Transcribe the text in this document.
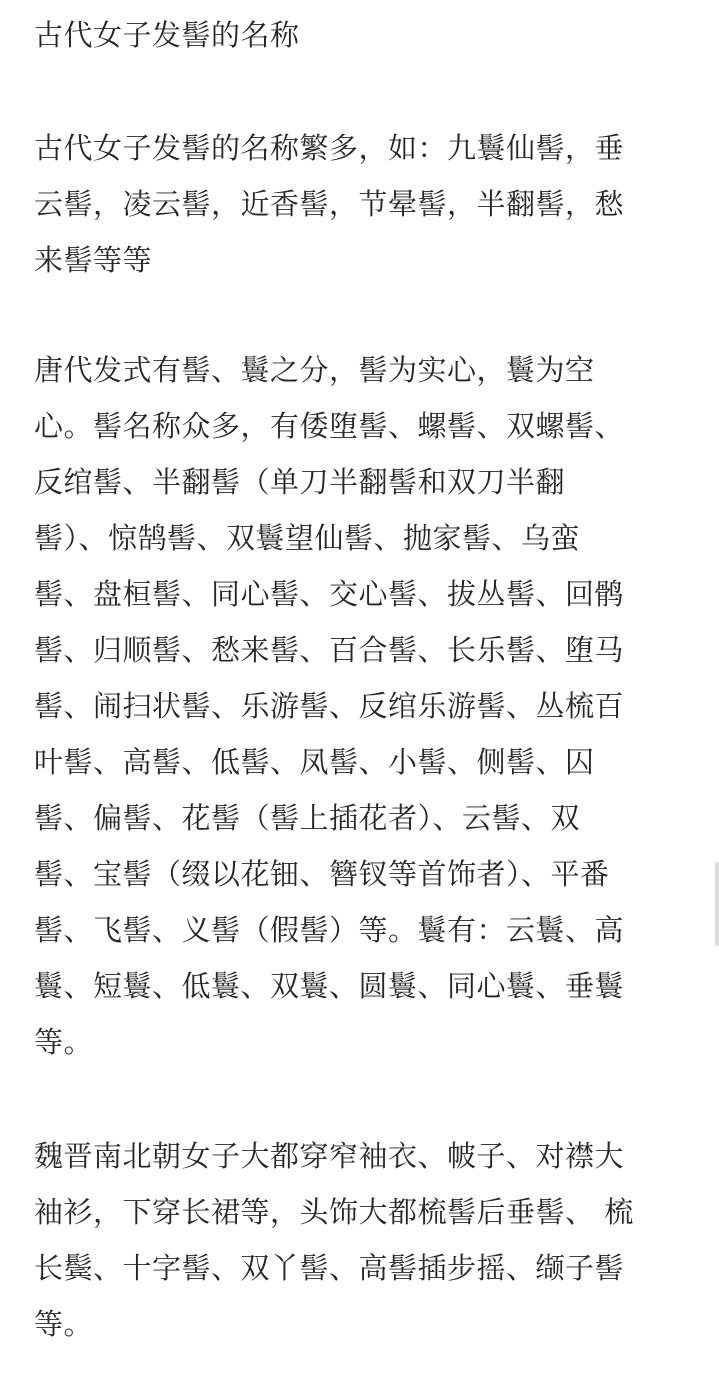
古代女子发髻的名称

古代女子发髻的名称繁多，如：九鬟仙髻，垂
云髻，凌云髻，近香髻，节晕髻，半翻髻，愁
来髻等等

唐代发式有髻、鬟之分，髻为实心，鬟为空
心。髻名称众多，有倭堕髻、螺髻、双螺髻、
反绾髻、半翻髻（单刀半翻髻和双刀半翻
髻）、惊鹄髻、双鬟望仙髻、抛家髻、乌蛮
髻、盘桓髻、同心髻、交心髻、拔丛髻、回鹘
髻、归顺髻、愁来髻、百合髻、长乐髻、堕马
髻、闹扫状髻、乐游髻、反绾乐游髻、丛梳百
叶髻、高髻、低髻、凤髻、小髻、侧髻、囚
髻、偏髻、花髻（髻上插花者）、云髻、双
髻、宝髻（缀以花钿、簪钗等首饰者）、平番
髻、飞髻、义髻（假髻）等。鬟有：云鬟、高
鬟、短鬟、低鬟、双鬟、圆鬟、同心鬟、垂鬟
等。

魏晋南北朝女子大都穿窄袖衣、帔子、对襟大
袖衫，下穿长裙等，头饰大都梳髻后垂髻、 梳
长鬓、十字髻、双丫髻、高髻插步摇、缬子髻
等。
